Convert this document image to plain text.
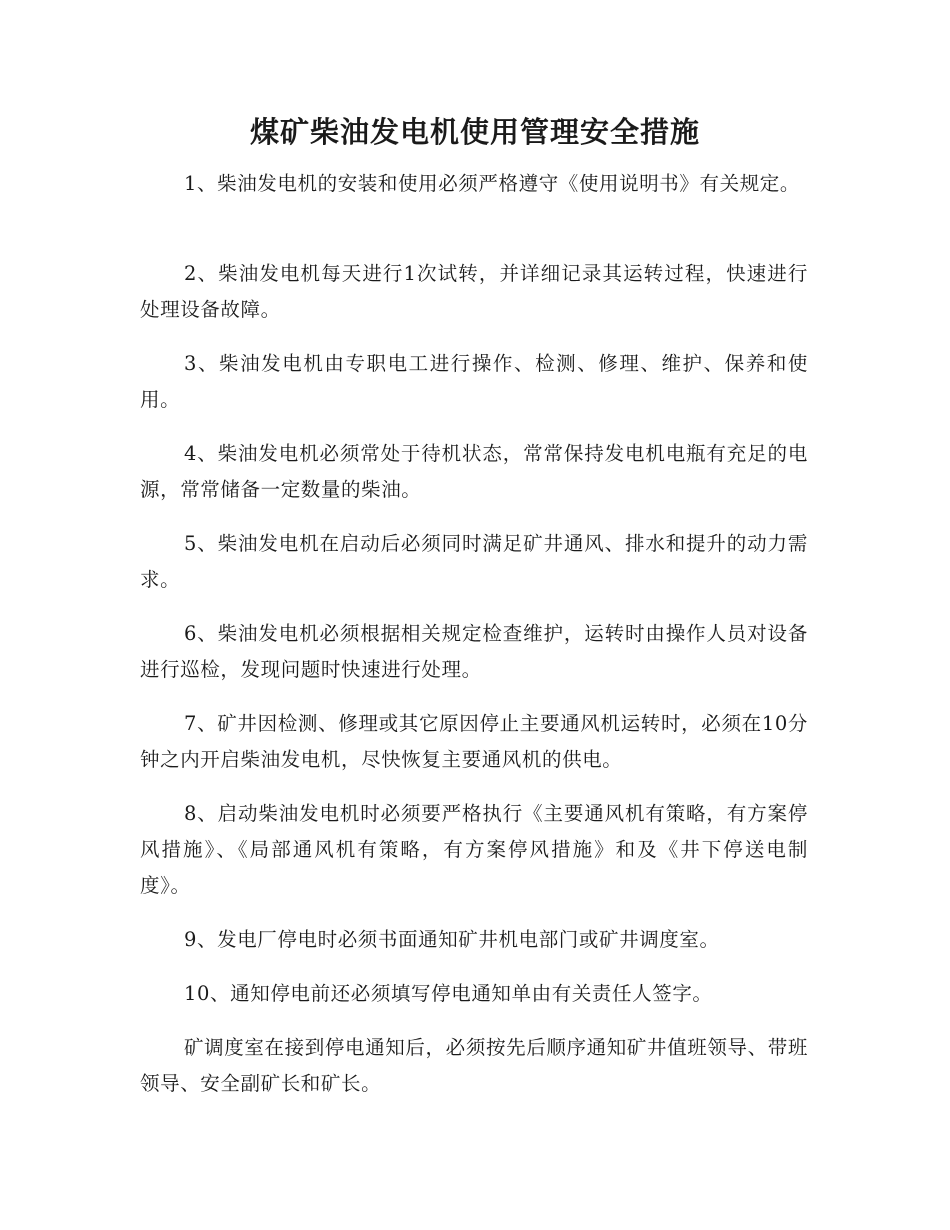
煤矿柴油发电机使用管理安全措施

1、柴油发电机的安装和使用必须严格遵守《使用说明书》有关规定。

2、柴油发电机每天进行1次试转，并详细记录其运转过程，快速进行处理设备故障。

3、柴油发电机由专职电工进行操作、检测、修理、维护、保养和使用。

4、柴油发电机必须常处于待机状态，常常保持发电机电瓶有充足的电源，常常储备一定数量的柴油。

5、柴油发电机在启动后必须同时满足矿井通风、排水和提升的动力需求。

6、柴油发电机必须根据相关规定检查维护，运转时由操作人员对设备进行巡检，发现问题时快速进行处理。

7、矿井因检测、修理或其它原因停止主要通风机运转时，必须在10分钟之内开启柴油发电机，尽快恢复主要通风机的供电。

8、启动柴油发电机时必须要严格执行《主要通风机有策略，有方案停风措施》、《局部通风机有策略，有方案停风措施》和及《井下停送电制度》。

9、发电厂停电时必须书面通知矿井机电部门或矿井调度室。

10、通知停电前还必须填写停电通知单由有关责任人签字。

矿调度室在接到停电通知后，必须按先后顺序通知矿井值班领导、带班领导、安全副矿长和矿长。
